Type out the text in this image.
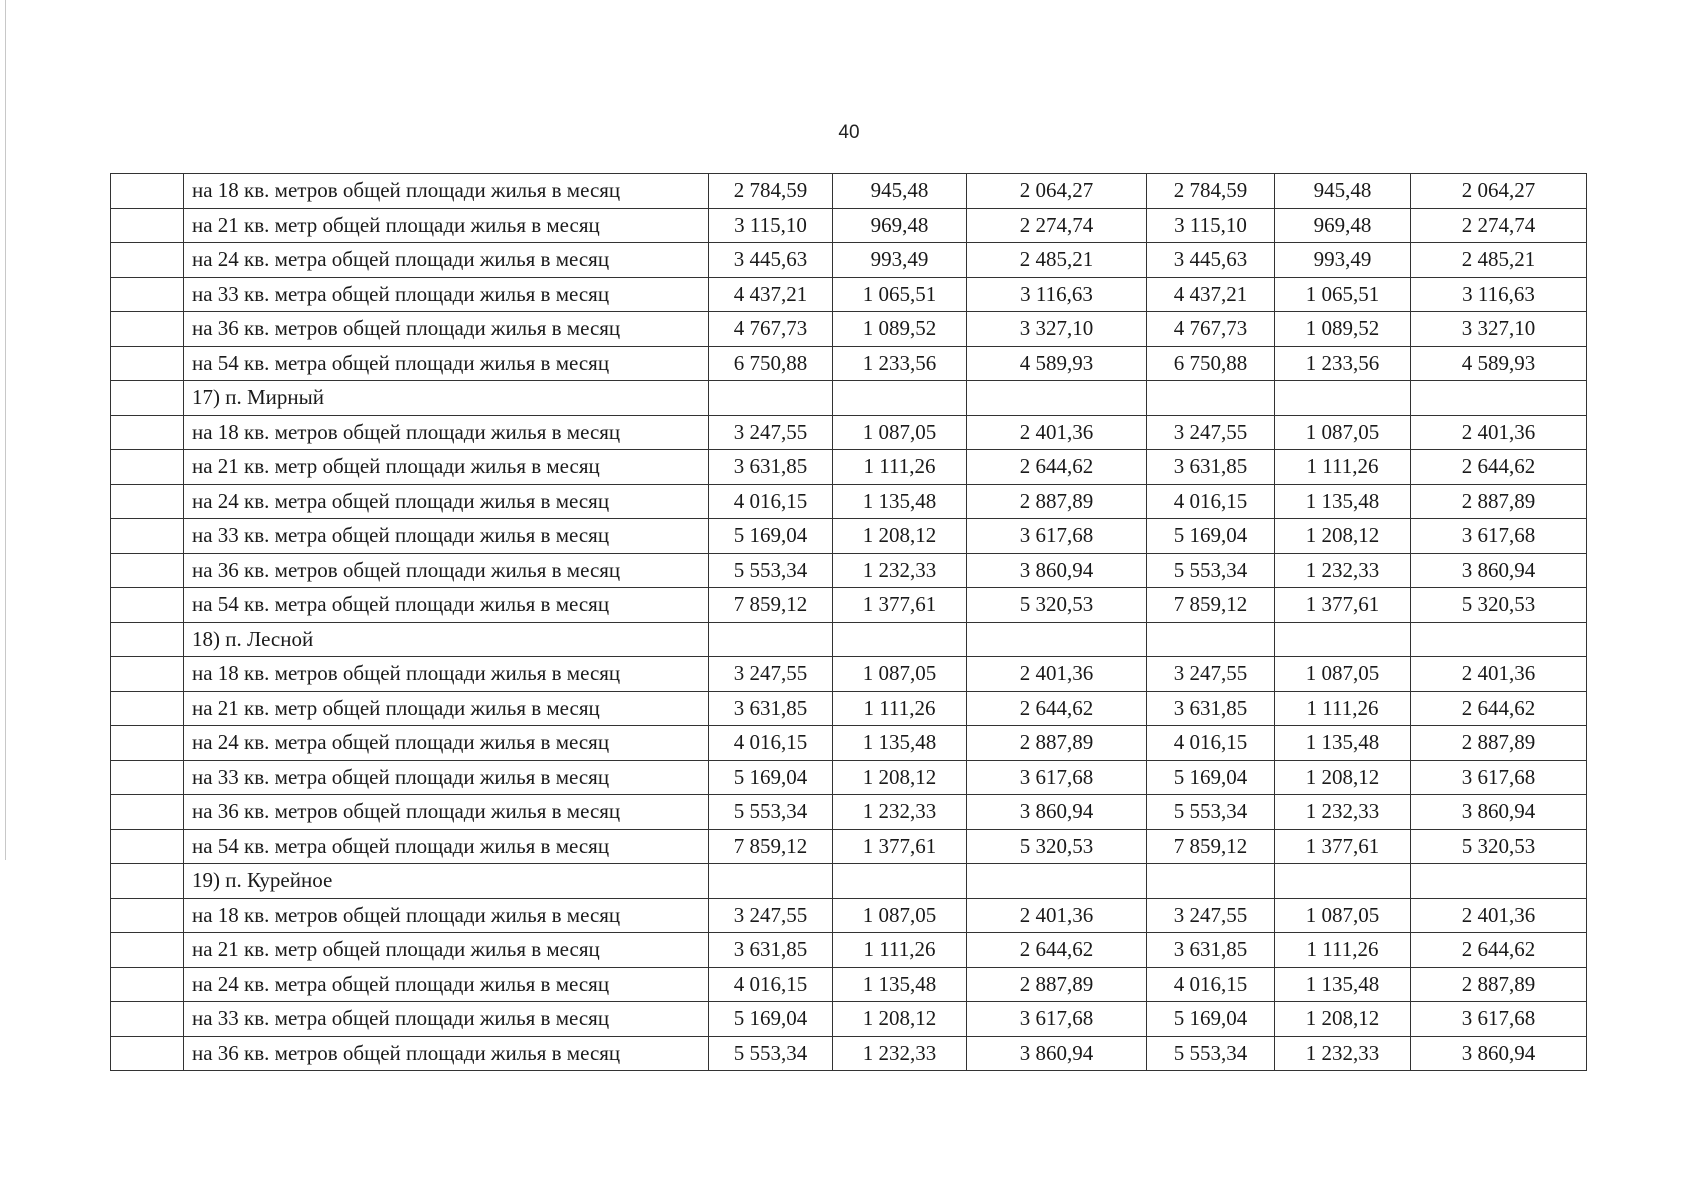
40
	на 18 кв. метров общей площади жилья в месяц	2 784,59	945,48	2 064,27	2 784,59	945,48	2 064,27
	на 21 кв. метр общей площади жилья в месяц	3 115,10	969,48	2 274,74	3 115,10	969,48	2 274,74
	на 24 кв. метра общей площади жилья в месяц	3 445,63	993,49	2 485,21	3 445,63	993,49	2 485,21
	на 33 кв. метра общей площади жилья в месяц	4 437,21	1 065,51	3 116,63	4 437,21	1 065,51	3 116,63
	на 36 кв. метров общей площади жилья в месяц	4 767,73	1 089,52	3 327,10	4 767,73	1 089,52	3 327,10
	на 54 кв. метра общей площади жилья в месяц	6 750,88	1 233,56	4 589,93	6 750,88	1 233,56	4 589,93
	17) п. Мирный						
	на 18 кв. метров общей площади жилья в месяц	3 247,55	1 087,05	2 401,36	3 247,55	1 087,05	2 401,36
	на 21 кв. метр общей площади жилья в месяц	3 631,85	1 111,26	2 644,62	3 631,85	1 111,26	2 644,62
	на 24 кв. метра общей площади жилья в месяц	4 016,15	1 135,48	2 887,89	4 016,15	1 135,48	2 887,89
	на 33 кв. метра общей площади жилья в месяц	5 169,04	1 208,12	3 617,68	5 169,04	1 208,12	3 617,68
	на 36 кв. метров общей площади жилья в месяц	5 553,34	1 232,33	3 860,94	5 553,34	1 232,33	3 860,94
	на 54 кв. метра общей площади жилья в месяц	7 859,12	1 377,61	5 320,53	7 859,12	1 377,61	5 320,53
	18) п. Лесной						
	на 18 кв. метров общей площади жилья в месяц	3 247,55	1 087,05	2 401,36	3 247,55	1 087,05	2 401,36
	на 21 кв. метр общей площади жилья в месяц	3 631,85	1 111,26	2 644,62	3 631,85	1 111,26	2 644,62
	на 24 кв. метра общей площади жилья в месяц	4 016,15	1 135,48	2 887,89	4 016,15	1 135,48	2 887,89
	на 33 кв. метра общей площади жилья в месяц	5 169,04	1 208,12	3 617,68	5 169,04	1 208,12	3 617,68
	на 36 кв. метров общей площади жилья в месяц	5 553,34	1 232,33	3 860,94	5 553,34	1 232,33	3 860,94
	на 54 кв. метра общей площади жилья в месяц	7 859,12	1 377,61	5 320,53	7 859,12	1 377,61	5 320,53
	19) п. Курейное						
	на 18 кв. метров общей площади жилья в месяц	3 247,55	1 087,05	2 401,36	3 247,55	1 087,05	2 401,36
	на 21 кв. метр общей площади жилья в месяц	3 631,85	1 111,26	2 644,62	3 631,85	1 111,26	2 644,62
	на 24 кв. метра общей площади жилья в месяц	4 016,15	1 135,48	2 887,89	4 016,15	1 135,48	2 887,89
	на 33 кв. метра общей площади жилья в месяц	5 169,04	1 208,12	3 617,68	5 169,04	1 208,12	3 617,68
	на 36 кв. метров общей площади жилья в месяц	5 553,34	1 232,33	3 860,94	5 553,34	1 232,33	3 860,94
